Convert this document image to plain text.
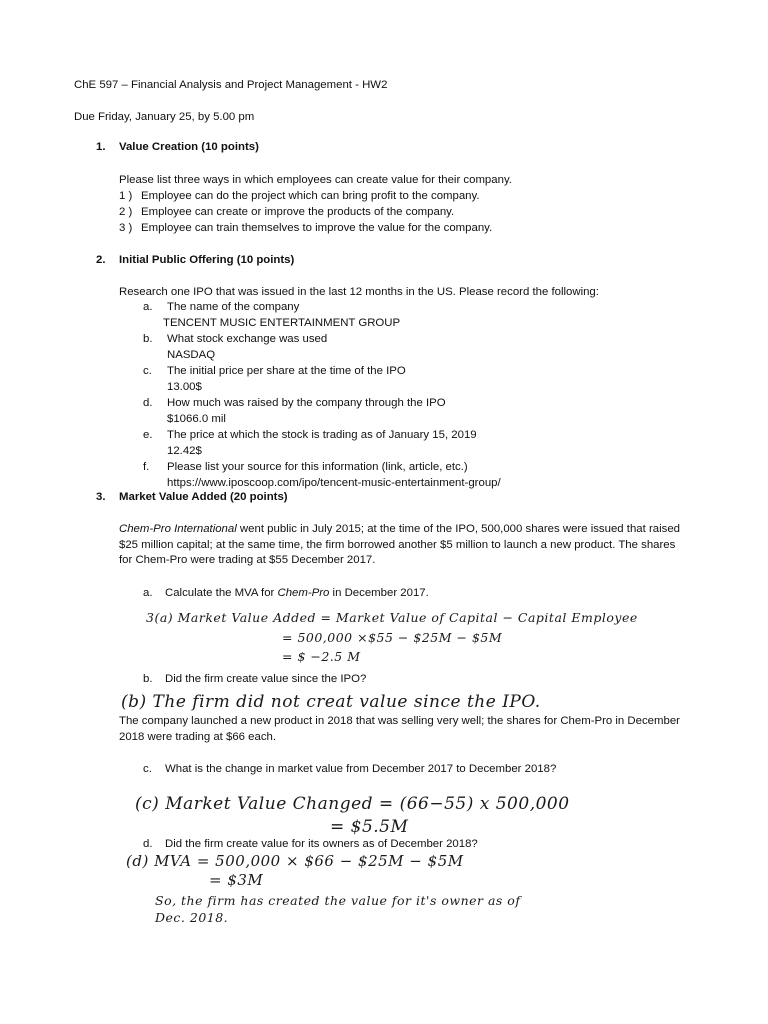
ChE 597 – Financial Analysis and Project Management - HW2
Due Friday, January 25, by 5.00 pm
1. Value Creation (10 points)
Please list three ways in which employees can create value for their company.
1 ) Employee can do the project which can bring profit to the company.
2 ) Employee can create or improve the products of the company.
3 ) Employee can train themselves to improve the value for the company.
2. Initial Public Offering (10 points)
Research one IPO that was issued in the last 12 months in the US. Please record the following:
a. The name of the company
TENCENT MUSIC ENTERTAINMENT GROUP
b. What stock exchange was used
NASDAQ
c. The initial price per share at the time of the IPO
13.00$
d. How much was raised by the company through the IPO
$1066.0 mil
e. The price at which the stock is trading as of January 15, 2019
12.42$
f. Please list your source for this information (link, article, etc.)
https://www.iposcoop.com/ipo/tencent-music-entertainment-group/
3. Market Value Added (20 points)
Chem-Pro International went public in July 2015; at the time of the IPO, 500,000 shares were issued that raised
$25 million capital; at the same time, the firm borrowed another $5 million to launch a new product. The shares
for Chem-Pro were trading at $55 December 2017.
a. Calculate the MVA for Chem-Pro in December 2017.
3(a) Market Value Added = Market Value of Capital − Capital Employee
= 500,000 ×$55 − $25M − $5M
= $ −2.5 M
b. Did the firm create value since the IPO?
(b) The firm did not creat value since the IPO.
The company launched a new product in 2018 that was selling very well; the shares for Chem-Pro in December
2018 were trading at $66 each.
c. What is the change in market value from December 2017 to December 2018?
(c) Market Value Changed = (66−55) x 500,000
= $5.5M
d. Did the firm create value for its owners as of December 2018?
(d) MVA = 500,000 × $66 − $25M − $5M
= $3M
So, the firm has created the value for it's owner as of
Dec. 2018.
